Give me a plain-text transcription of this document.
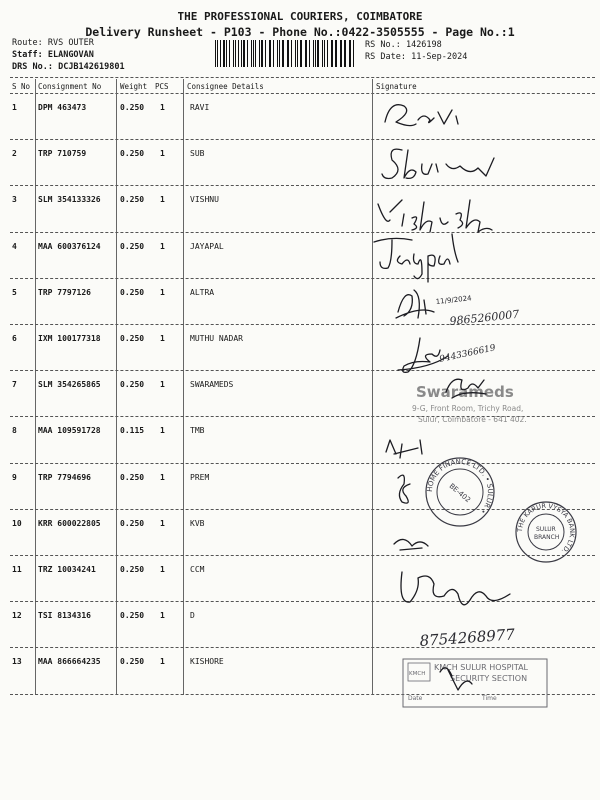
THE PROFESSIONAL COURIERS, COIMBATORE
Delivery Runsheet - P103 - Phone No.:0422-3505555 - Page No.:1
Route: RVS OUTER
Staff: ELANGOVAN
DRS No.: DCJB142619801
RS No.: 1426198
RS Date: 11-Sep-2024
S No Consignment No	Weight PCS Consignee Details	Signature
1	DPM 463473	0.250 1	RAVI
2	TRP 710759	0.250 1	SUB
3	SLM 354133326 0.250 1	VISHNU
4	MAA 600376124 0.250 1	JAYAPAL
5	TRP 7797126	0.250 1	ALTRA
6	IXM 100177318 0.250 1	MUTHU NADAR
7	SLM 354265865 0.250 1	SWARAMEDS
8	MAA 109591728 0.115 1	TMB
9	TRP 7794696	0.250 1	PREM
10 KRR 600022805 0.250 1	KVB
11 TRZ 10034241	0.250 1	CCM
12 TSI 8134316	0.250 1	D
13 MAA 866664235 0.250 1	KISHORE
11/9/2024
9865260007
9443366619
Swarameds
9-G, Front Room, Trichy Road,
Sulur, Coimbatore - 641 402.
HOME FINANCE LTD. • SULUR •
BE-402
THE KARUR VYSYA BANK LTD.
SULUR
BRANCH
8754268977
KMCH
KMCH SULUR HOSPITAL
SECURITY SECTION
Date	Time
